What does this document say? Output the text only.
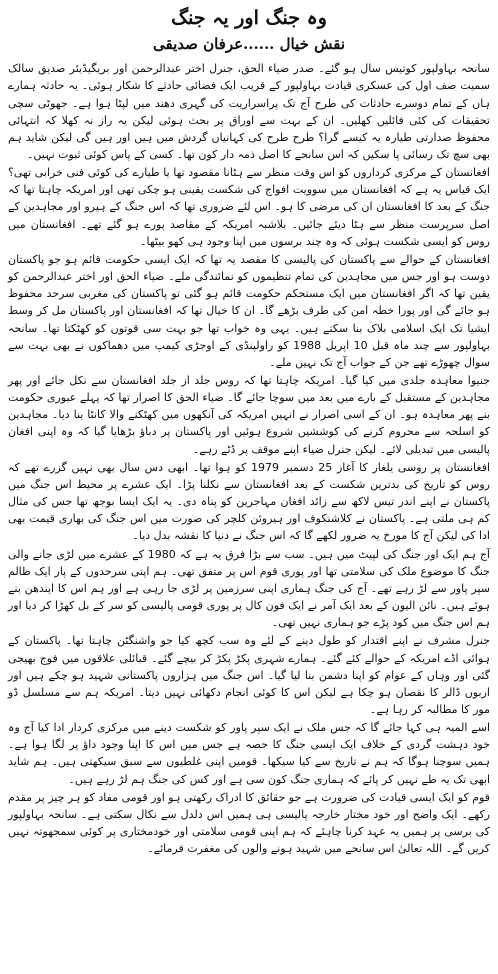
وہ جنگ اور یہ جنگ
نقش خیال ......عرفان صدیقی

سانحہ بہاولپور کوتیس سال ہو گئے۔ صدر ضیاء الحق، جنرل اختر عبدالرحمن اور بریگیڈیئر صدیق سالک سمیت صف اول کی عسکری قیادت بہاولپور کے قریب ایک فضائی حادثے کا شکار ہوئی۔ یہ حادثہ ہمارے ہاں کے تمام دوسرے حادثات کی طرح آج تک پراسراریت کی گہری دھند میں لپٹا ہوا ہے۔ جھوٹی سچی تحقیقات کی کئی فائلیں کھلیں۔ ان کے بہت سے اوراق پر بحث ہوئی لیکن یہ راز نہ کھلا کہ انتہائی محفوظ صدارتی طیارہ یہ کیسے گرا؟ طرح طرح کی کہانیاں گردش میں ہیں اور ہیں گی لیکن شاید ہم بھی سچ تک رسائی پا سکیں کہ اس سانحے کا اصل ذمہ دار کون تھا۔ کسی کے پاس کوئی ثبوت نہیں۔

افغانستان کے مرکزی کرداروں کو اس وقت منظر سے ہٹانا مقصود تھا یا طیارے کی کوئی فنی خرابی تھی؟ ایک قیاس یہ ہے کہ افغانستان میں سوویت افواج کی شکست یقینی ہو چکی تھی اور امریکہ چاہتا تھا کہ جنگ کے بعد کا افغانستان ان کی مرضی کا ہو۔ اس لئے ضروری تھا کہ اس جنگ کے ہیرو اور مجاہدین کے اصل سرپرست منظر سے ہٹا دیئے جائیں۔ بلاشبہ امریکہ کے مقاصد پورے ہو گئے تھے۔ افغانستان میں روس کو ایسی شکست ہوئی کہ وہ چند برسوں میں اپنا وجود ہی کھو بیٹھا۔

افغانستان کے حوالے سے پاکستان کی پالیسی کا مقصد یہ تھا کہ ایک ایسی حکومت قائم ہو جو پاکستان دوست ہو اور جس میں مجاہدین کی تمام تنظیموں کو نمائندگی ملے۔ ضیاء الحق اور اختر عبدالرحمن کو یقین تھا کہ اگر افغانستان میں ایک مستحکم حکومت قائم ہو گئی تو پاکستان کی مغربی سرحد محفوظ ہو جائے گی اور پورا خطہ امن کی طرف بڑھے گا۔ ان کا خیال تھا کہ افغانستان اور پاکستان مل کر وسط ایشیا تک ایک اسلامی بلاک بنا سکتے ہیں۔ یہی وہ خواب تھا جو بہت سی قوتوں کو کھٹکتا تھا۔ سانحہ بہاولپور سے چند ماہ قبل 10 اپریل 1988 کو راولپنڈی کے اوجڑی کیمپ میں دھماکوں نے بھی بہت سے سوال چھوڑے تھے جن کے جواب آج تک نہیں ملے۔

جنیوا معاہدہ جلدی میں کیا گیا۔ امریکہ چاہتا تھا کہ روس جلد از جلد افغانستان سے نکل جائے اور پھر مجاہدین کے مستقبل کے بارے میں بعد میں سوچا جائے گا۔ ضیاء الحق کا اصرار تھا کہ پہلے عبوری حکومت بنے پھر معاہدہ ہو۔ ان کے اسی اصرار نے انہیں امریکہ کی آنکھوں میں کھٹکنے والا کانٹا بنا دیا۔ مجاہدین کو اسلحہ سے محروم کرنے کی کوششیں شروع ہوئیں اور پاکستان پر دباؤ بڑھایا گیا کہ وہ اپنی افغان پالیسی میں تبدیلی لائے۔ لیکن جنرل ضیاء اپنے موقف پر ڈٹے رہے۔

افغانستان پر روسی یلغار کا آغاز 25 دسمبر 1979 کو ہوا تھا۔ ابھی دس سال بھی نہیں گزرے تھے کہ روس کو تاریخ کی بدترین شکست کے بعد افغانستان سے نکلنا پڑا۔ ایک عشرے پر محیط اس جنگ میں پاکستان نے اپنے اندر تیس لاکھ سے زائد افغان مہاجرین کو پناہ دی۔ یہ ایک ایسا بوجھ تھا جس کی مثال کم ہی ملتی ہے۔ پاکستان نے کلاشنکوف اور ہیروئن کلچر کی صورت میں اس جنگ کی بھاری قیمت بھی ادا کی لیکن آج کا مورخ یہ ضرور لکھے گا کہ اس جنگ نے دنیا کا نقشہ بدل دیا۔

آج ہم ایک اور جنگ کی لپیٹ میں ہیں۔ سب سے بڑا فرق یہ ہے کہ 1980 کے عشرے میں لڑی جانے والی جنگ کا موضوع ملک کی سلامتی تھا اور پوری قوم اس پر متفق تھی۔ ہم اپنی سرحدوں کے پار ایک ظالم سپر پاور سے لڑ رہے تھے۔ آج کی جنگ ہماری اپنی سرزمین پر لڑی جا رہی ہے اور ہم اس کا ایندھن بنے ہوئے ہیں۔ نائن الیون کے بعد ایک آمر نے ایک فون کال پر پوری قومی پالیسی کو سر کے بل کھڑا کر دیا اور ہم اس جنگ میں کود پڑے جو ہماری نہیں تھی۔

جنرل مشرف نے اپنے اقتدار کو طول دینے کے لئے وہ سب کچھ کیا جو واشنگٹن چاہتا تھا۔ پاکستان کے ہوائی اڈے امریکہ کے حوالے کئے گئے۔ ہمارے شہری پکڑ پکڑ کر بیچے گئے۔ قبائلی علاقوں میں فوج بھیجی گئی اور وہاں کے عوام کو اپنا دشمن بنا لیا گیا۔ اس جنگ میں ہزاروں پاکستانی شہید ہو چکے ہیں اور اربوں ڈالر کا نقصان ہو چکا ہے لیکن اس کا کوئی انجام دکھائی نہیں دیتا۔ امریکہ ہم سے مسلسل ڈو مور کا مطالبہ کر رہا ہے۔

اسے المیہ ہی کہا جائے گا کہ جس ملک نے ایک سپر پاور کو شکست دینے میں مرکزی کردار ادا کیا آج وہ خود دہشت گردی کے خلاف ایک ایسی جنگ کا حصہ ہے جس میں اس کا اپنا وجود داؤ پر لگا ہوا ہے۔ ہمیں سوچنا ہوگا کہ ہم نے تاریخ سے کیا سیکھا۔ قومیں اپنی غلطیوں سے سبق سیکھتی ہیں۔ ہم شاید ابھی تک یہ طے نہیں کر پائے کہ ہماری جنگ کون سی ہے اور کس کی جنگ ہم لڑ رہے ہیں۔

قوم کو ایک ایسی قیادت کی ضرورت ہے جو حقائق کا ادراک رکھتی ہو اور قومی مفاد کو ہر چیز پر مقدم رکھے۔ ایک واضح اور خود مختار خارجہ پالیسی ہی ہمیں اس دلدل سے نکال سکتی ہے۔ سانحہ بہاولپور کی برسی پر ہمیں یہ عہد کرنا چاہئے کہ ہم اپنی قومی سلامتی اور خودمختاری پر کوئی سمجھوتہ نہیں کریں گے۔ اللہ تعالیٰ اس سانحے میں شہید ہونے والوں کی مغفرت فرمائے۔
